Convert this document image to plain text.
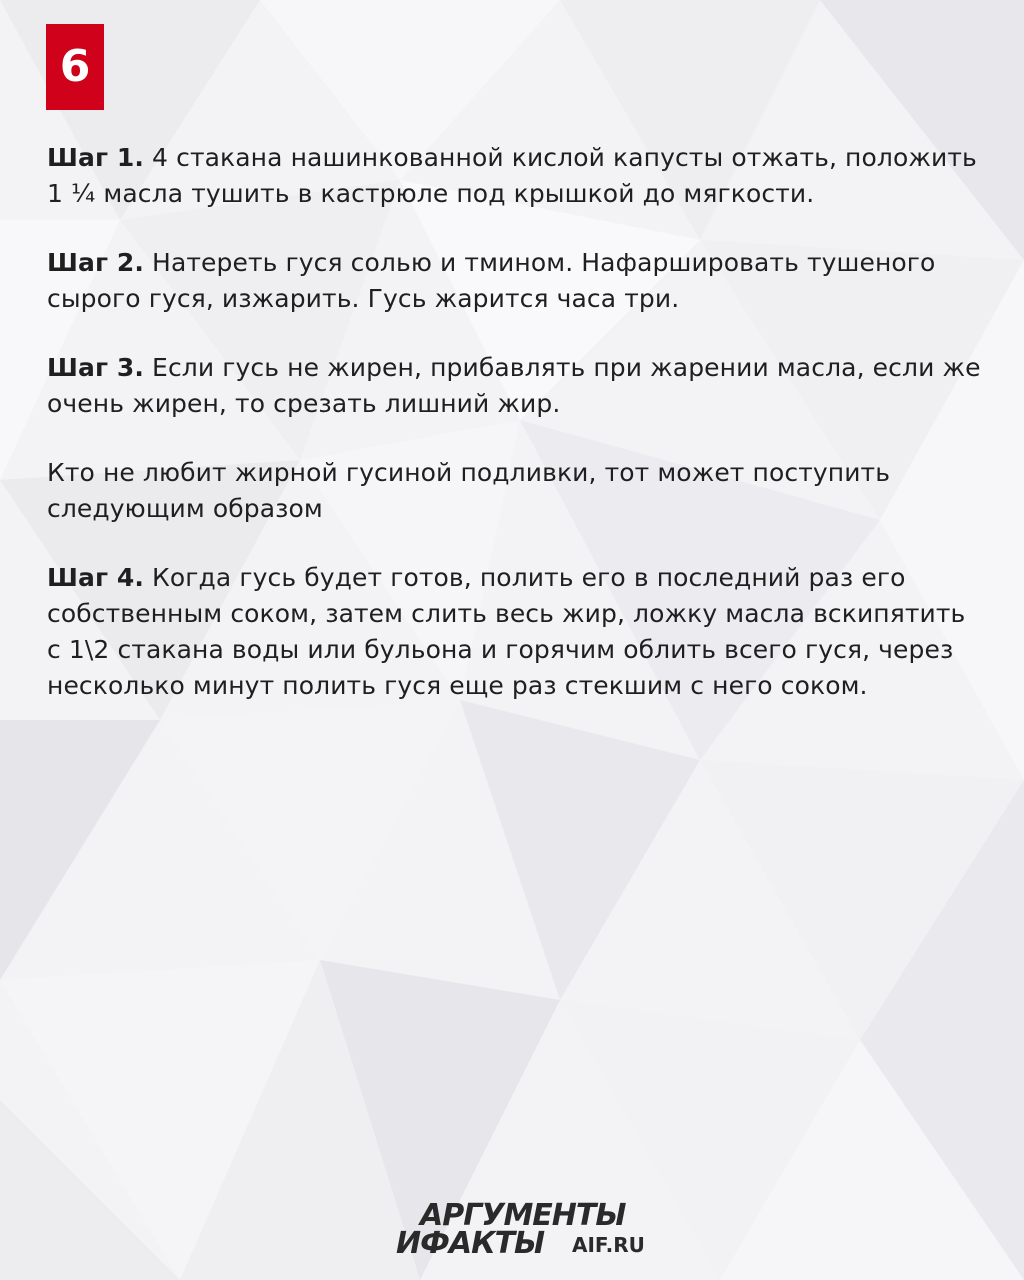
6

Шаг 1. 4 стакана нашинкованной кислой капусты отжать, положить 1 ¼ масла тушить в кастрюле под крышкой до мягкости.

Шаг 2. Натереть гуся солью и тмином. Нафаршировать тушеного  сырого гуся, изжарить. Гусь жарится часа три.

Шаг 3. Если гусь не жирен, прибавлять при жарении масла, если же очень жирен, то срезать лишний жир.

Кто не любит жирной гусиной подливки, тот может поступить следующим образом

Шаг 4. Когда гусь будет готов, полить его в последний раз его собственным соком, затем слить весь жир, ложку масла вскипятить с 1\2 стакана воды или бульона и горячим облить всего гуся, через несколько минут полить гуся еще раз стекшим с него соком.

АРГУМЕНТЫ
ИФАКТЫ AIF.RU
